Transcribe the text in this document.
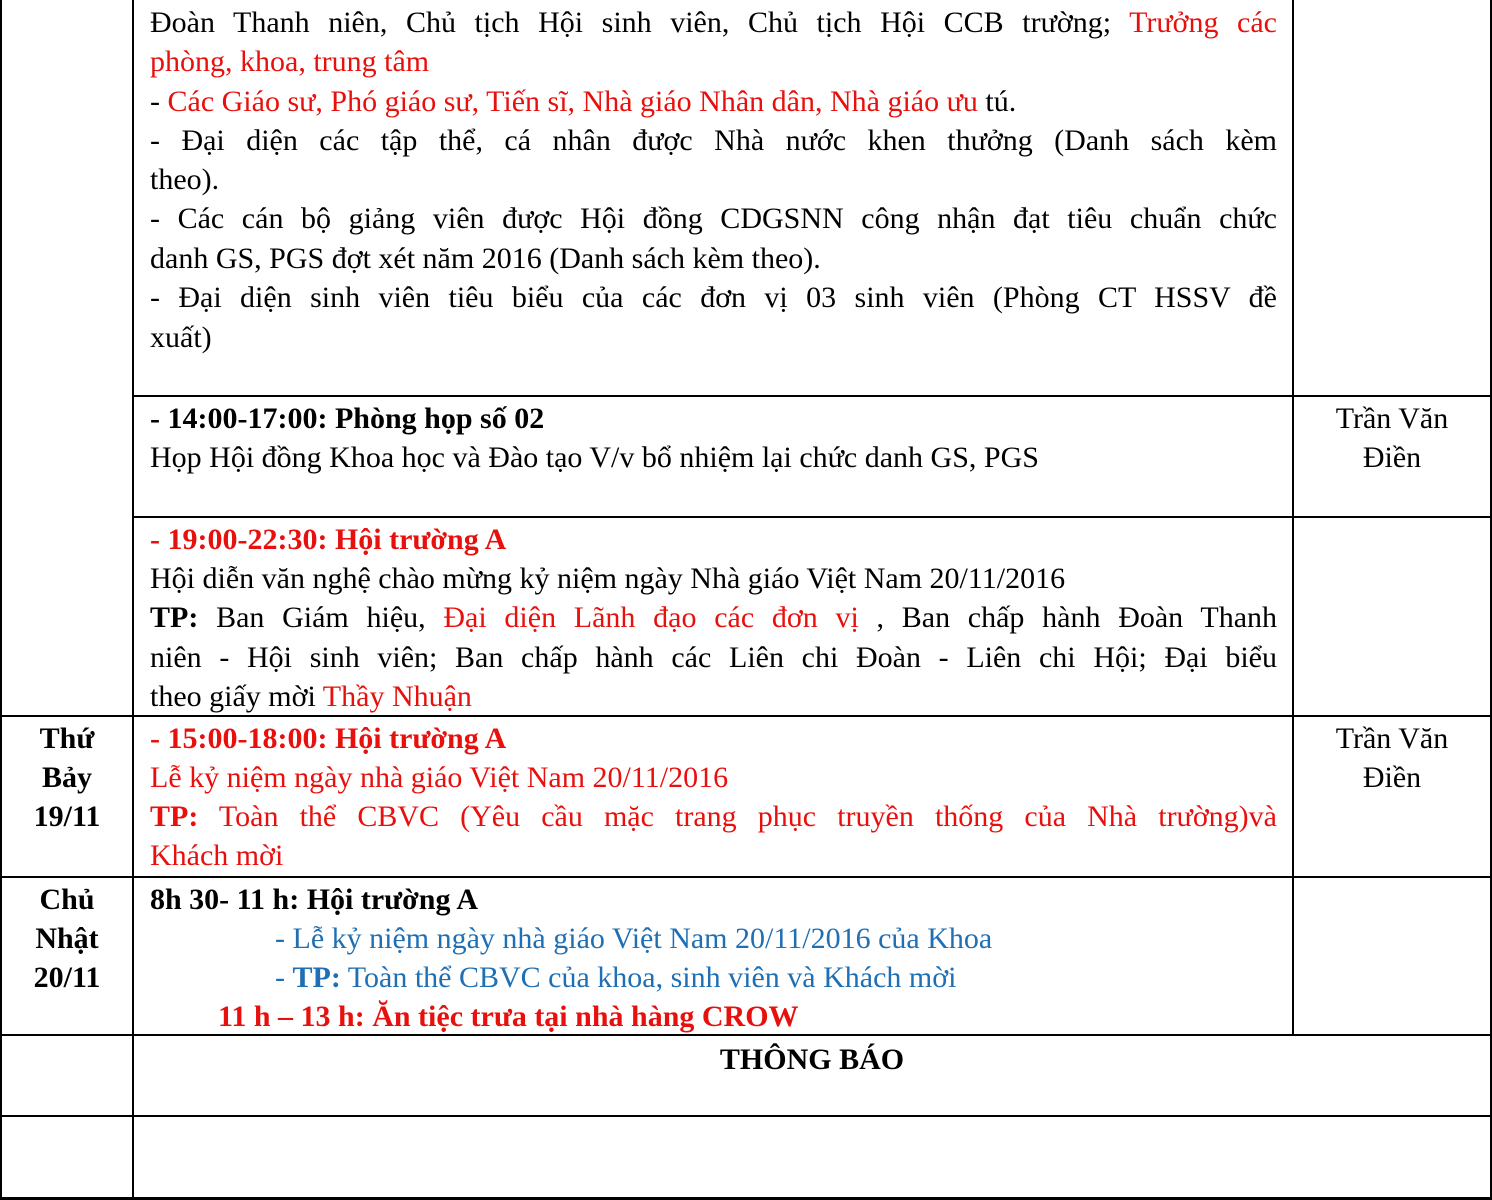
Đoàn Thanh niên, Chủ tịch Hội sinh viên, Chủ tịch Hội CCB trường; Trưởng các
phòng, khoa, trung tâm
- Các Giáo sư, Phó giáo sư, Tiến sĩ, Nhà giáo Nhân dân, Nhà giáo ưu tú.
- Đại diện các tập thể, cá nhân được Nhà nước khen thưởng (Danh sách kèm
theo).
- Các cán bộ giảng viên được Hội đồng CDGSNN công nhận đạt tiêu chuẩn chức
danh GS, PGS đợt xét năm 2016 (Danh sách kèm theo).
- Đại diện sinh viên tiêu biểu của các đơn vị 03 sinh viên (Phòng CT HSSV đề
xuất)
- 14:00-17:00: Phòng họp số 02
Họp Hội đồng Khoa học và Đào tạo V/v bổ nhiệm lại chức danh GS, PGS
Trần Văn
Điền
- 19:00-22:30: Hội trường A
Hội diễn văn nghệ chào mừng kỷ niệm ngày Nhà giáo Việt Nam 20/11/2016
TP: Ban Giám hiệu, Đại diện Lãnh đạo các đơn vị , Ban chấp hành Đoàn Thanh
niên - Hội sinh viên; Ban chấp hành các Liên chi Đoàn - Liên chi Hội; Đại biểu
theo giấy mời Thầy Nhuận
Thứ
Bảy
19/11
- 15:00-18:00: Hội trường A
Lễ kỷ niệm ngày nhà giáo Việt Nam 20/11/2016
TP: Toàn thể CBVC (Yêu cầu mặc trang phục truyền thống của Nhà trường)và
Khách mời
Trần Văn
Điền
Chủ
Nhật
20/11
8h 30- 11 h: Hội trường A
- Lễ kỷ niệm ngày nhà giáo Việt Nam 20/11/2016 của Khoa
- TP: Toàn thể CBVC của khoa, sinh viên và Khách mời
11 h – 13 h: Ăn tiệc trưa tại nhà hàng CROW
THÔNG BÁO
